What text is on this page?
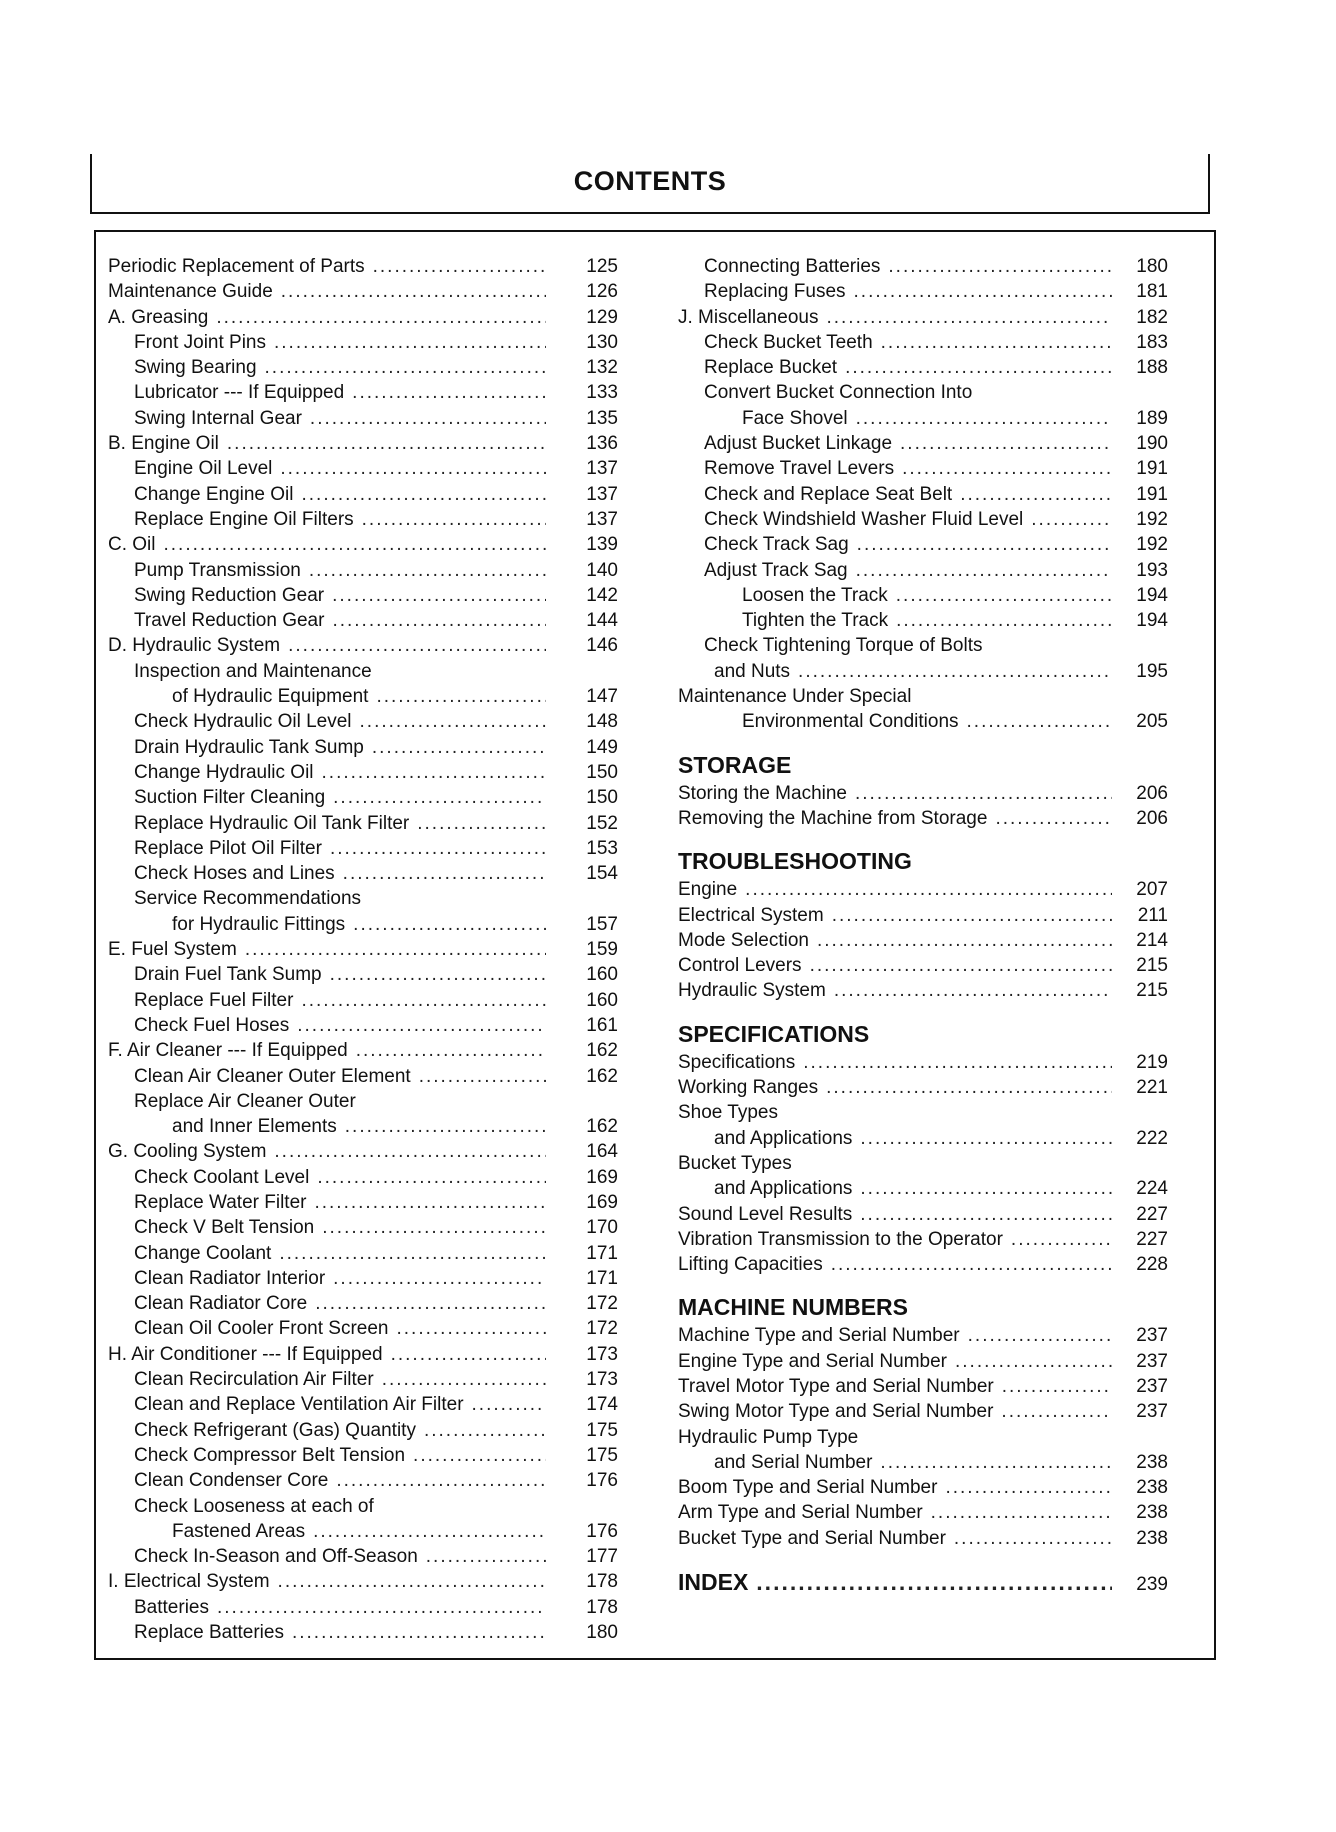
CONTENTS
Periodic Replacement of Parts .....	125
Maintenance Guide .....	126
A. Greasing .....	129
Front Joint Pins .....	130
Swing Bearing .....	132
Lubricator --- If Equipped .....	133
Swing Internal Gear .....	135
B. Engine Oil .....	136
Engine Oil Level .....	137
Change Engine Oil .....	137
Replace Engine Oil Filters .....	137
C. Oil .....	139
Pump Transmission .....	140
Swing Reduction Gear .....	142
Travel Reduction Gear .....	144
D. Hydraulic System .....	146
Inspection and Maintenance
of Hydraulic Equipment .....	147
Check Hydraulic Oil Level .....	148
Drain Hydraulic Tank Sump .....	149
Change Hydraulic Oil .....	150
Suction Filter Cleaning .....	150
Replace Hydraulic Oil Tank Filter .....	152
Replace Pilot Oil Filter .....	153
Check Hoses and Lines .....	154
Service Recommendations
for Hydraulic Fittings .....	157
E. Fuel System .....	159
Drain Fuel Tank Sump .....	160
Replace Fuel Filter .....	160
Check Fuel Hoses .....	161
F. Air Cleaner --- If Equipped .....	162
Clean Air Cleaner Outer Element .....	162
Replace Air Cleaner Outer
and Inner Elements .....	162
G. Cooling System .....	164
Check Coolant Level .....	169
Replace Water Filter .....	169
Check V Belt Tension .....	170
Change Coolant .....	171
Clean Radiator Interior .....	171
Clean Radiator Core .....	172
Clean Oil Cooler Front Screen .....	172
H. Air Conditioner --- If Equipped .....	173
Clean Recirculation Air Filter .....	173
Clean and Replace Ventilation Air Filter .....	174
Check Refrigerant (Gas) Quantity .....	175
Check Compressor Belt Tension .....	175
Clean Condenser Core .....	176
Check Looseness at each of
Fastened Areas .....	176
Check In-Season and Off-Season .....	177
I. Electrical System .....	178
Batteries .....	178
Replace Batteries .....	180
Connecting Batteries .....	180
Replacing Fuses .....	181
J. Miscellaneous .....	182
Check Bucket Teeth .....	183
Replace Bucket .....	188
Convert Bucket Connection Into
Face Shovel .....	189
Adjust Bucket Linkage .....	190
Remove Travel Levers .....	191
Check and Replace Seat Belt .....	191
Check Windshield Washer Fluid Level .....	192
Check Track Sag .....	192
Adjust Track Sag .....	193
Loosen the Track .....	194
Tighten the Track .....	194
Check Tightening Torque of Bolts
and Nuts .....	195
Maintenance Under Special
Environmental Conditions .....	205
STORAGE
Storing the Machine .....	206
Removing the Machine from Storage .....	206
TROUBLESHOOTING
Engine .....	207
Electrical System .....	211
Mode Selection .....	214
Control Levers .....	215
Hydraulic System .....	215
SPECIFICATIONS
Specifications .....	219
Working Ranges .....	221
Shoe Types
and Applications .....	222
Bucket Types
and Applications .....	224
Sound Level Results .....	227
Vibration Transmission to the Operator .....	227
Lifting Capacities .....	228
MACHINE NUMBERS
Machine Type and Serial Number .....	237
Engine Type and Serial Number .....	237
Travel Motor Type and Serial Number .....	237
Swing Motor Type and Serial Number .....	237
Hydraulic Pump Type
and Serial Number .....	238
Boom Type and Serial Number .....	238
Arm Type and Serial Number .....	238
Bucket Type and Serial Number .....	238
INDEX .....	239
